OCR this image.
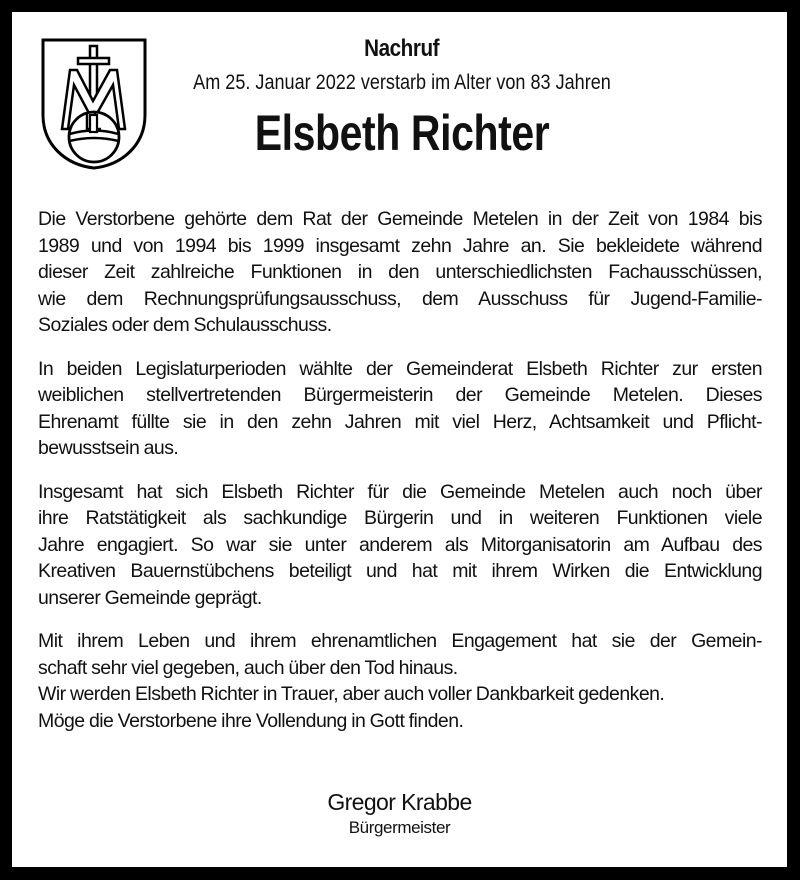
Nachruf
Am 25. Januar 2022 verstarb im Alter von 83 Jahren
Elsbeth Richter

Die Verstorbene gehörte dem Rat der Gemeinde Metelen in der Zeit von 1984 bis
1989 und von 1994 bis 1999 insgesamt zehn Jahre an. Sie bekleidete während
dieser Zeit zahlreiche Funktionen in den unterschiedlichsten Fachausschüssen,
wie dem Rechnungsprüfungsausschuss, dem Ausschuss für Jugend-Familie-
Soziales oder dem Schulausschuss.

In beiden Legislaturperioden wählte der Gemeinderat Elsbeth Richter zur ersten
weiblichen stellvertretenden Bürgermeisterin der Gemeinde Metelen. Dieses
Ehrenamt füllte sie in den zehn Jahren mit viel Herz, Achtsamkeit und Pflicht-
bewusstsein aus.

Insgesamt hat sich Elsbeth Richter für die Gemeinde Metelen auch noch über
ihre Ratstätigkeit als sachkundige Bürgerin und in weiteren Funktionen viele
Jahre engagiert. So war sie unter anderem als Mitorganisatorin am Aufbau des
Kreativen Bauernstübchens beteiligt und hat mit ihrem Wirken die Entwicklung
unserer Gemeinde geprägt.

Mit ihrem Leben und ihrem ehrenamtlichen Engagement hat sie der Gemein-
schaft sehr viel gegeben, auch über den Tod hinaus.
Wir werden Elsbeth Richter in Trauer, aber auch voller Dankbarkeit gedenken.
Möge die Verstorbene ihre Vollendung in Gott finden.

Gregor Krabbe
Bürgermeister
